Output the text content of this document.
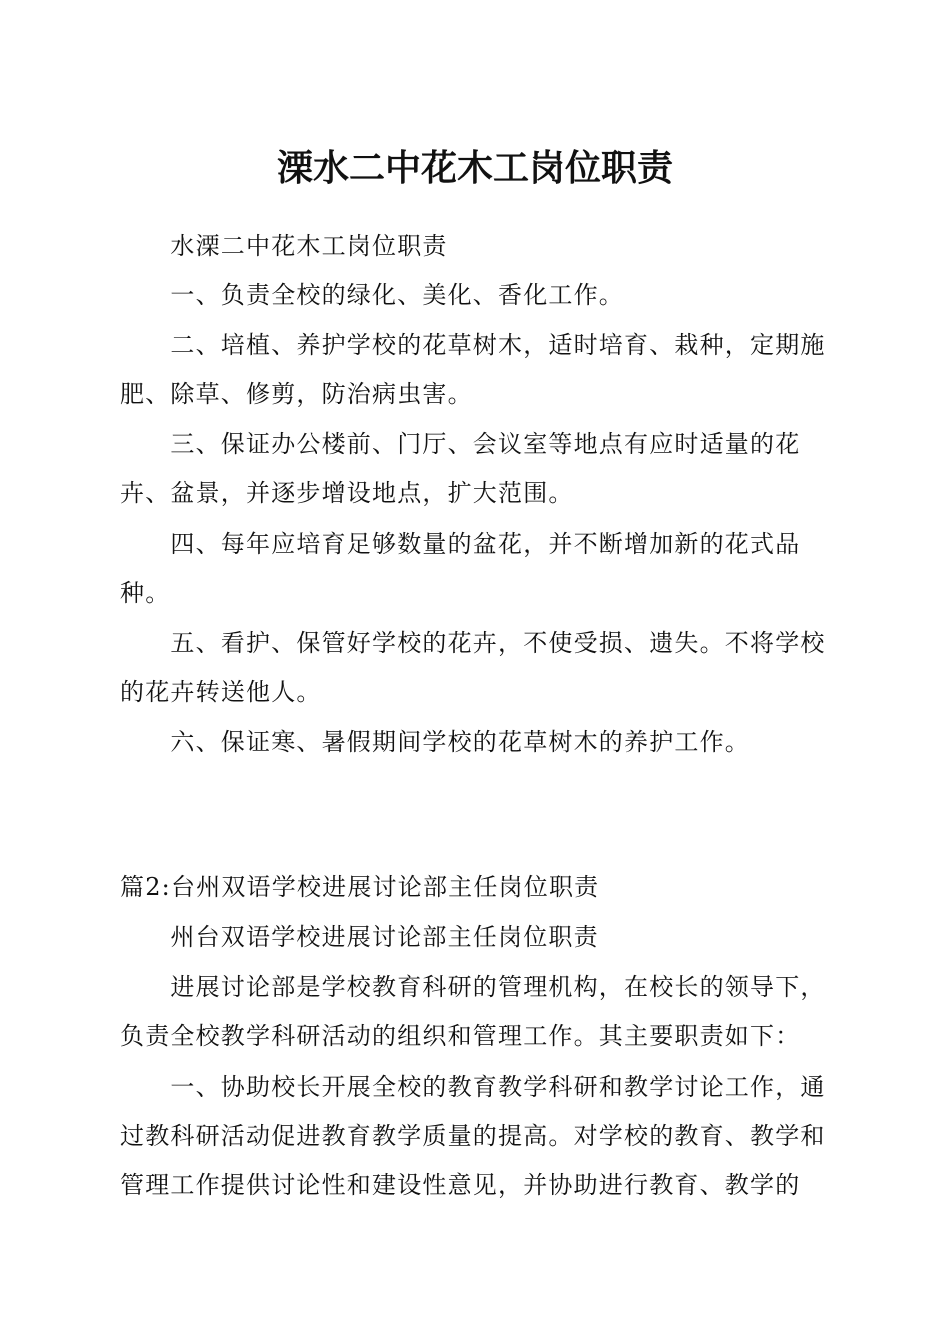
溧水二中花木工岗位职责

水溧二中花木工岗位职责

一、负责全校的绿化、美化、香化工作。

二、培植、养护学校的花草树木，适时培育、栽种，定期施肥、除草、修剪，防治病虫害。

三、保证办公楼前、门厅、会议室等地点有应时适量的花卉、盆景，并逐步增设地点，扩大范围。

四、每年应培育足够数量的盆花，并不断增加新的花式品种。

五、看护、保管好学校的花卉，不使受损、遗失。不将学校的花卉转送他人。

六、保证寒、暑假期间学校的花草树木的养护工作。

篇2:台州双语学校进展讨论部主任岗位职责

州台双语学校进展讨论部主任岗位职责

进展讨论部是学校教育科研的管理机构，在校长的领导下，负责全校教学科研活动的组织和管理工作。其主要职责如下：

一、协助校长开展全校的教育教学科研和教学讨论工作，通过教科研活动促进教育教学质量的提高。对学校的教育、教学和管理工作提供讨论性和建设性意见，并协助进行教育、教学的
